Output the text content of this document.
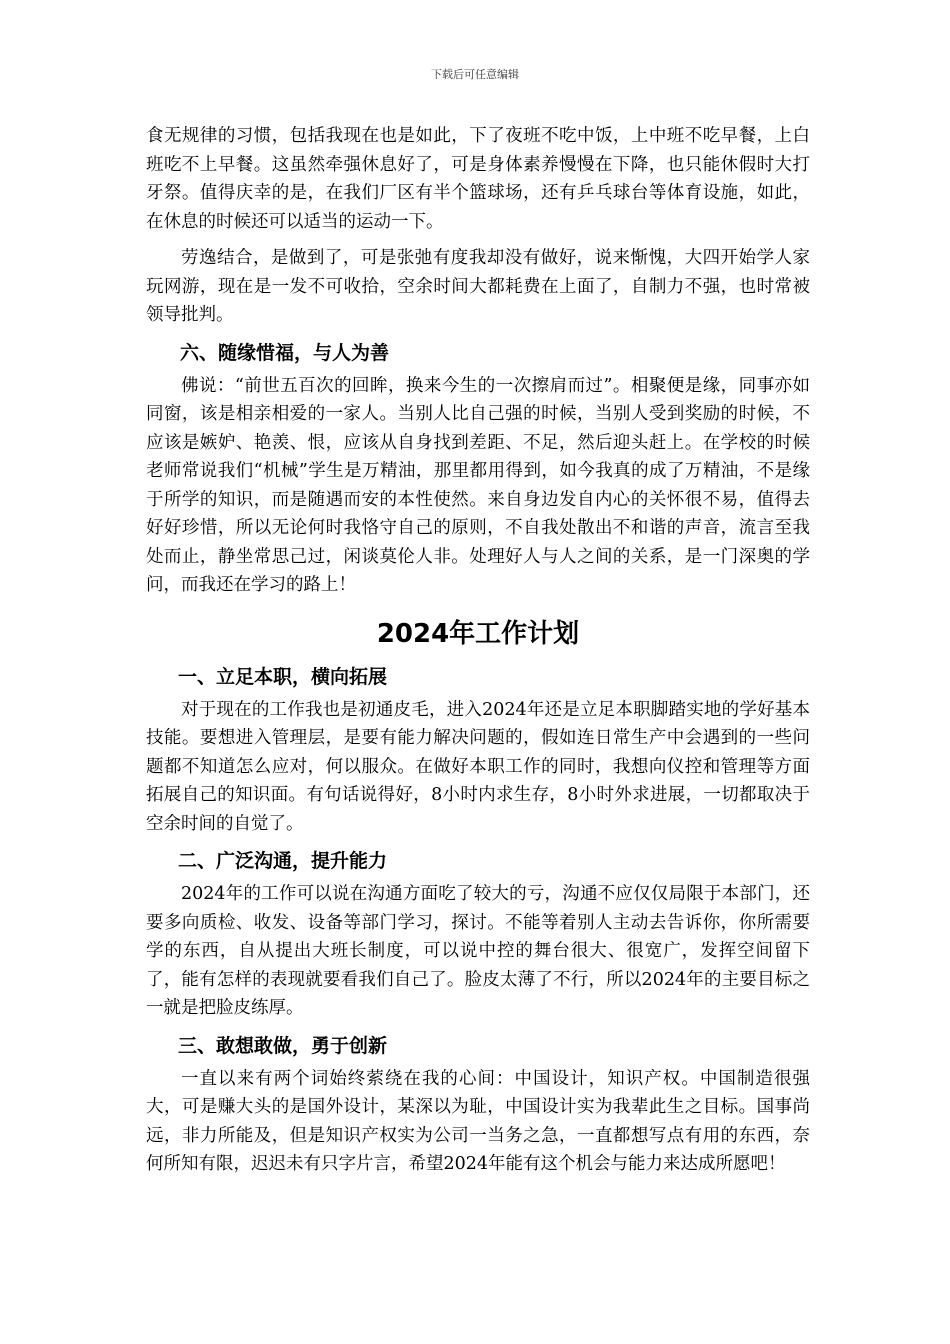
下载后可任意编辑

食无规律的习惯，包括我现在也是如此，下了夜班不吃中饭，上中班不吃早餐，上白班吃不上早餐。这虽然牵强休息好了，可是身体素养慢慢在下降，也只能休假时大打牙祭。值得庆幸的是，在我们厂区有半个篮球场，还有乒乓球台等体育设施，如此，在休息的时候还可以适当的运动一下。

劳逸结合，是做到了，可是张弛有度我却没有做好，说来惭愧，大四开始学人家玩网游，现在是一发不可收拾，空余时间大都耗费在上面了，自制力不强，也时常被领导批判。

六、随缘惜福，与人为善

佛说：“前世五百次的回眸，换来今生的一次擦肩而过”。相聚便是缘，同事亦如同窗，该是相亲相爱的一家人。当别人比自己强的时候，当别人受到奖励的时候，不应该是嫉妒、艳羡、恨，应该从自身找到差距、不足，然后迎头赶上。在学校的时候老师常说我们“机械”学生是万精油，那里都用得到，如今我真的成了万精油，不是缘于所学的知识，而是随遇而安的本性使然。来自身边发自内心的关怀很不易，值得去好好珍惜，所以无论何时我恪守自己的原则，不自我处散出不和谐的声音，流言至我处而止，静坐常思己过，闲谈莫伦人非。处理好人与人之间的关系，是一门深奥的学问，而我还在学习的路上！

2024年工作计划
一、立足本职，横向拓展

对于现在的工作我也是初通皮毛，进入2024年还是立足本职脚踏实地的学好基本技能。要想进入管理层，是要有能力解决问题的，假如连日常生产中会遇到的一些问题都不知道怎么应对，何以服众。在做好本职工作的同时，我想向仪控和管理等方面拓展自己的知识面。有句话说得好，8小时内求生存，8小时外求进展，一切都取决于空余时间的自觉了。

二、广泛沟通，提升能力

2024年的工作可以说在沟通方面吃了较大的亏，沟通不应仅仅局限于本部门，还要多向质检、收发、设备等部门学习，探讨。不能等着别人主动去告诉你，你所需要学的东西，自从提出大班长制度，可以说中控的舞台很大、很宽广，发挥空间留下了，能有怎样的表现就要看我们自己了。脸皮太薄了不行，所以2024年的主要目标之一就是把脸皮练厚。

三、敢想敢做，勇于创新

一直以来有两个词始终萦绕在我的心间：中国设计，知识产权。中国制造很强大，可是赚大头的是国外设计，某深以为耻，中国设计实为我辈此生之目标。国事尚远，非力所能及，但是知识产权实为公司一当务之急，一直都想写点有用的东西，奈何所知有限，迟迟未有只字片言，希望2024年能有这个机会与能力来达成所愿吧！
